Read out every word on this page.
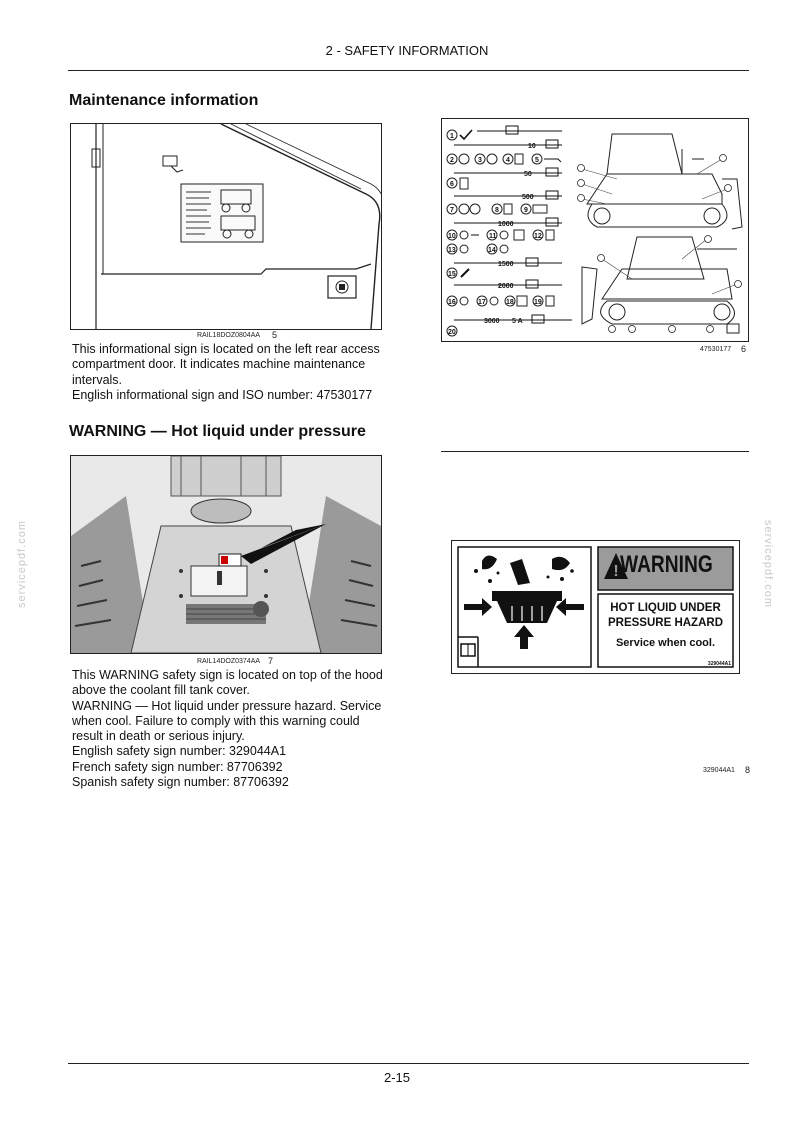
2 - SAFETY INFORMATION
Maintenance information
RAIL18DOZ0804AA 5
This informational sign is located on the left rear access
compartment door. It indicates machine maintenance
intervals.
English informational sign and ISO number: 47530177
1
10
2	3	4	5
50
6
500
7	8	9
1000
10	11	12
13	14
1500
15
2000
16	17	18	19
3000 5 A
20
47530177 6
WARNING — Hot liquid under pressure
RAIL14DOZ0374AA 7
This WARNING safety sign is located on top of the hood
above the coolant fill tank cover.
WARNING — Hot liquid under pressure hazard. Service
when cool. Failure to comply with this warning could
result in death or serious injury.
English safety sign number: 329044A1
French safety sign number: 87706392
Spanish safety sign number: 87706392
! WARNING
HOT LIQUID UNDER
PRESSURE HAZARD
Service when cool.
329044A1
329044A1 8
servicepdf.com	servicepdf.com
2-15
